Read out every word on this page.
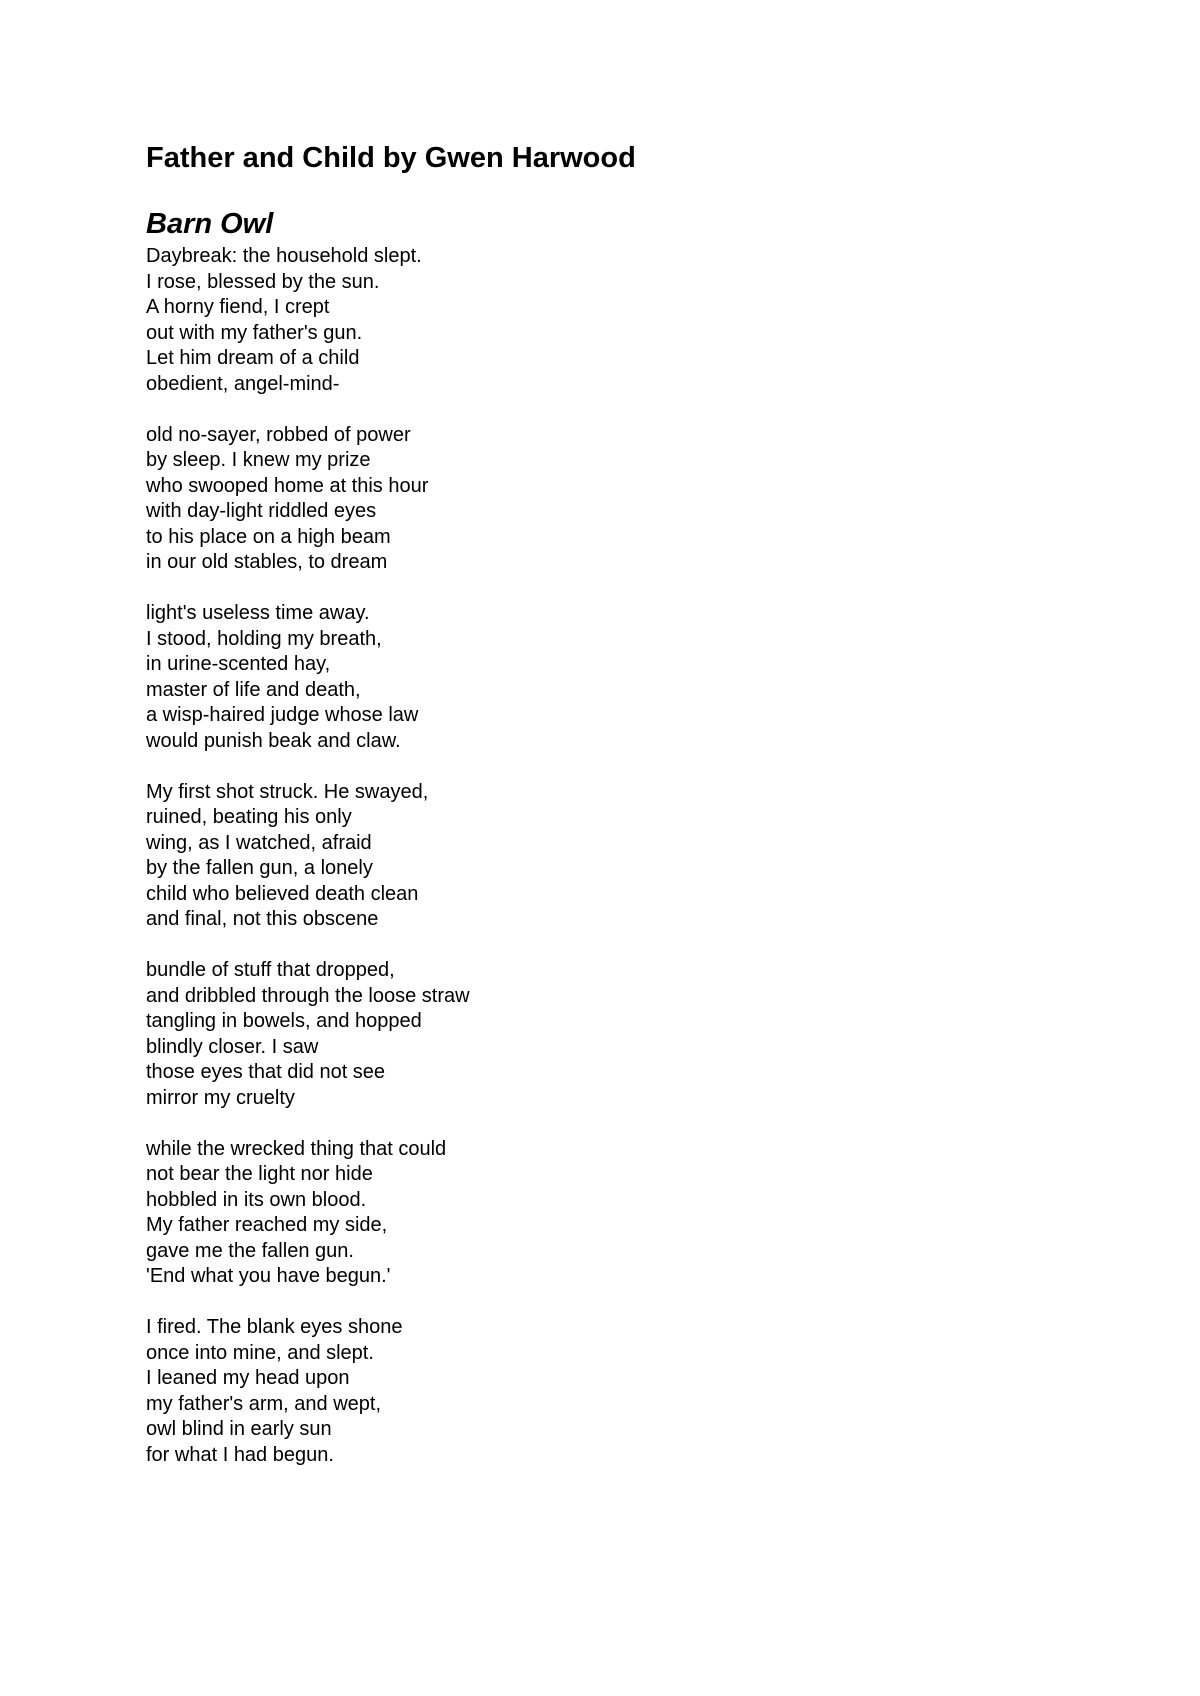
Father and Child by Gwen Harwood
Barn Owl
Daybreak: the household slept.
I rose, blessed by the sun.
A horny fiend, I crept
out with my father's gun.
Let him dream of a child
obedient, angel-mind-
old no-sayer, robbed of power
by sleep. I knew my prize
who swooped home at this hour
with day-light riddled eyes
to his place on a high beam
in our old stables, to dream
light's useless time away.
I stood, holding my breath,
in urine-scented hay,
master of life and death,
a wisp-haired judge whose law
would punish beak and claw.
My first shot struck. He swayed,
ruined, beating his only
wing, as I watched, afraid
by the fallen gun, a lonely
child who believed death clean
and final, not this obscene
bundle of stuff that dropped,
and dribbled through the loose straw
tangling in bowels, and hopped
blindly closer. I saw
those eyes that did not see
mirror my cruelty
while the wrecked thing that could
not bear the light nor hide
hobbled in its own blood.
My father reached my side,
gave me the fallen gun.
'End what you have begun.'
I fired. The blank eyes shone
once into mine, and slept.
I leaned my head upon
my father's arm, and wept,
owl blind in early sun
for what I had begun.
